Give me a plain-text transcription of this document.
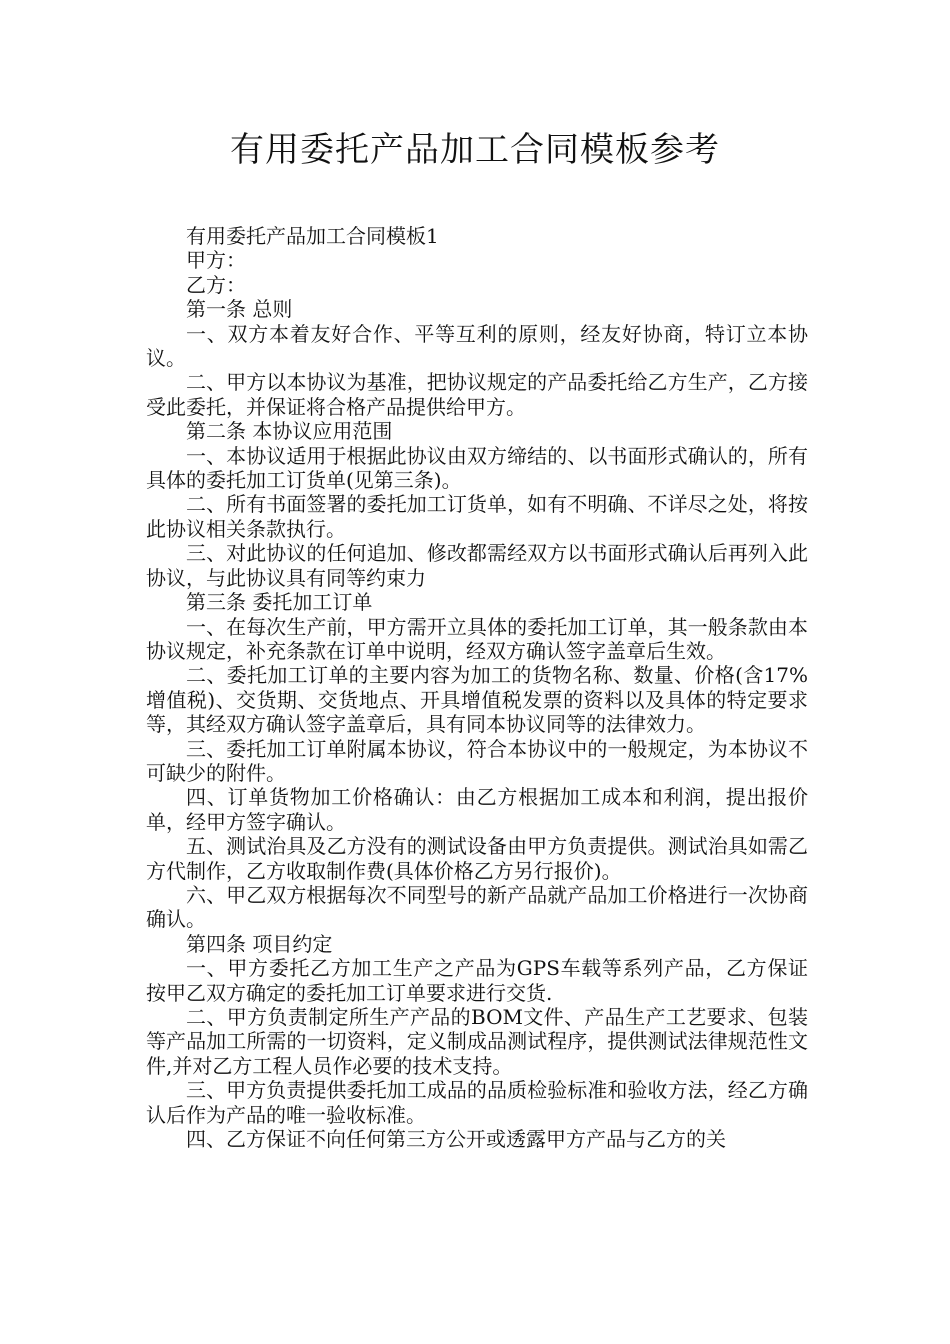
有用委托产品加工合同模板参考

有用委托产品加工合同模板1

甲方：

乙方：

第一条 总则

一、双方本着友好合作、平等互利的原则，经友好协商，特订立本协议。

二、甲方以本协议为基准，把协议规定的产品委托给乙方生产，乙方接受此委托，并保证将合格产品提供给甲方。

第二条 本协议应用范围

一、本协议适用于根据此协议由双方缔结的、以书面形式确认的，所有具体的委托加工订货单(见第三条)。

二、所有书面签署的委托加工订货单，如有不明确、不详尽之处，将按此协议相关条款执行。

三、对此协议的任何追加、修改都需经双方以书面形式确认后再列入此协议，与此协议具有同等约束力

第三条 委托加工订单

一、在每次生产前，甲方需开立具体的委托加工订单，其一般条款由本协议规定，补充条款在订单中说明，经双方确认签字盖章后生效。

二、委托加工订单的主要内容为加工的货物名称、数量、价格(含17%增值税)、交货期、交货地点、开具增值税发票的资料以及具体的特定要求等，其经双方确认签字盖章后，具有同本协议同等的法律效力。

三、委托加工订单附属本协议，符合本协议中的一般规定，为本协议不可缺少的附件。

四、订单货物加工价格确认：由乙方根据加工成本和利润，提出报价单，经甲方签字确认。

五、测试治具及乙方没有的测试设备由甲方负责提供。测试治具如需乙方代制作，乙方收取制作费(具体价格乙方另行报价)。

六、甲乙双方根据每次不同型号的新产品就产品加工价格进行一次协商确认。

第四条 项目约定

一、甲方委托乙方加工生产之产品为GPS车载等系列产品，乙方保证按甲乙双方确定的委托加工订单要求进行交货.

二、甲方负责制定所生产产品的BOM文件、产品生产工艺要求、包装等产品加工所需的一切资料，定义制成品测试程序，提供测试法律规范性文件,并对乙方工程人员作必要的技术支持。

三、甲方负责提供委托加工成品的品质检验标准和验收方法，经乙方确认后作为产品的唯一验收标准。

四、乙方保证不向任何第三方公开或透露甲方产品与乙方的关
